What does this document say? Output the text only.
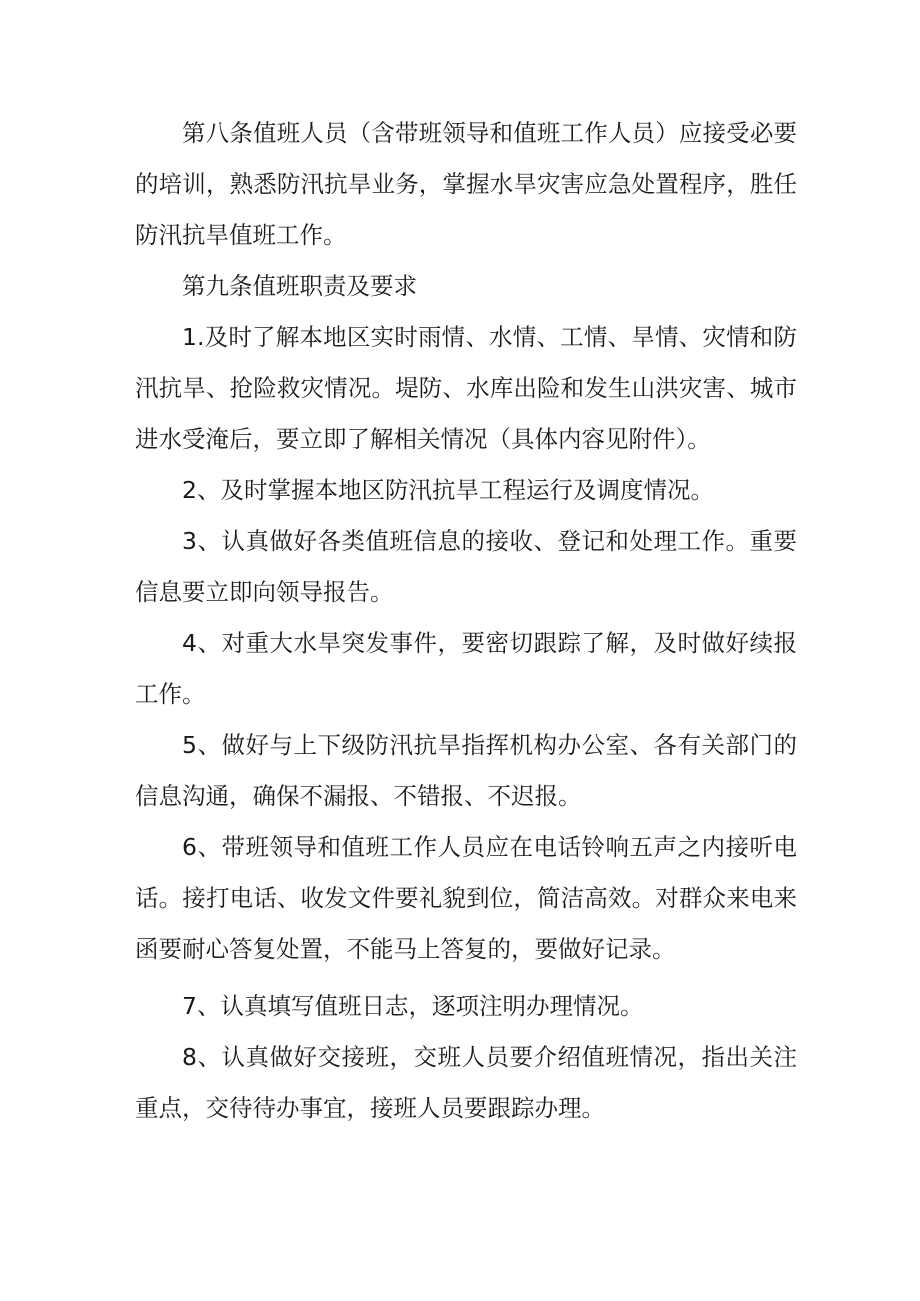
第八条值班人员（含带班领导和值班工作人员）应接受必要的培训，熟悉防汛抗旱业务，掌握水旱灾害应急处置程序，胜任防汛抗旱值班工作。

第九条值班职责及要求

1.及时了解本地区实时雨情、水情、工情、旱情、灾情和防汛抗旱、抢险救灾情况。堤防、水库出险和发生山洪灾害、城市进水受淹后，要立即了解相关情况（具体内容见附件）。

2、及时掌握本地区防汛抗旱工程运行及调度情况。

3、认真做好各类值班信息的接收、登记和处理工作。重要信息要立即向领导报告。

4、对重大水旱突发事件，要密切跟踪了解，及时做好续报工作。

5、做好与上下级防汛抗旱指挥机构办公室、各有关部门的信息沟通，确保不漏报、不错报、不迟报。

6、带班领导和值班工作人员应在电话铃响五声之内接听电话。接打电话、收发文件要礼貌到位，简洁高效。对群众来电来函要耐心答复处置，不能马上答复的，要做好记录。

7、认真填写值班日志，逐项注明办理情况。

8、认真做好交接班，交班人员要介绍值班情况，指出关注重点，交待待办事宜，接班人员要跟踪办理。
